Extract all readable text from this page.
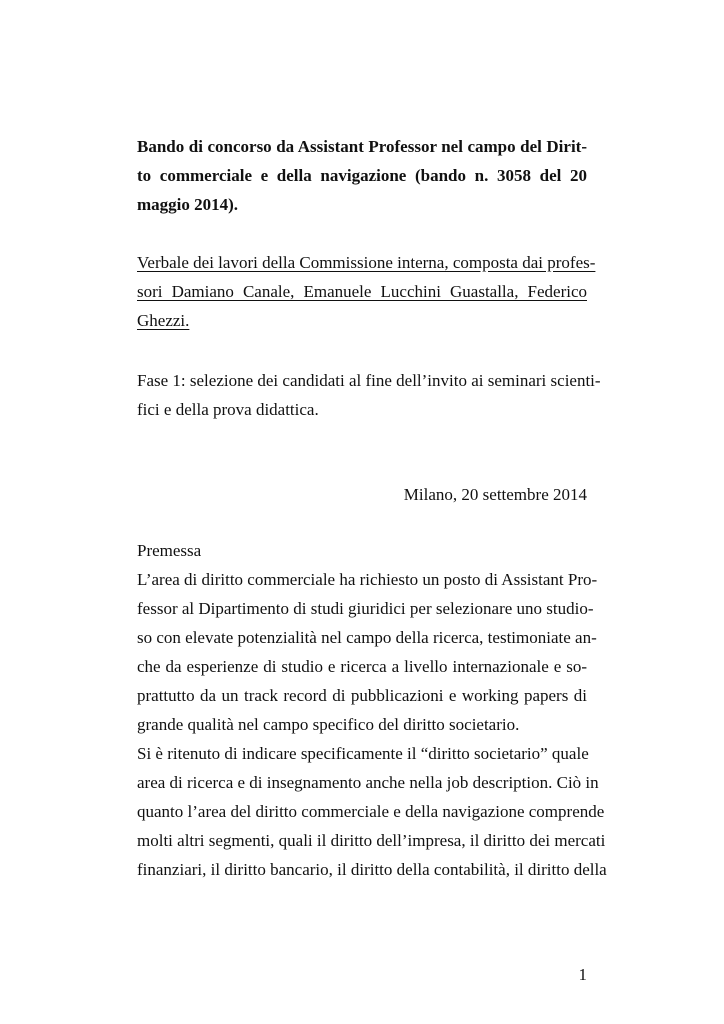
Bando di concorso da Assistant Professor nel campo del Dirit-
to commerciale e della navigazione (bando n. 3058 del 20
maggio 2014).
Verbale dei lavori della Commissione interna, composta dai profes-
sori Damiano Canale, Emanuele Lucchini Guastalla, Federico
Ghezzi.
Fase 1: selezione dei candidati al fine dell’invito ai seminari scienti-
fici e della prova didattica.
Milano, 20 settembre 2014
Premessa
L’area di diritto commerciale ha richiesto un posto di Assistant Pro-
fessor al Dipartimento di studi giuridici per selezionare uno studio-
so con elevate potenzialità nel campo della ricerca, testimoniate an-
che da esperienze di studio e ricerca a livello internazionale e so-
prattutto da un track record di pubblicazioni e working papers di
grande qualità nel campo specifico del diritto societario.
Si è ritenuto di indicare specificamente il “diritto societario” quale
area di ricerca e di insegnamento anche nella job description. Ciò in
quanto l’area del diritto commerciale e della navigazione comprende
molti altri segmenti, quali il diritto dell’impresa, il diritto dei mercati
finanziari, il diritto bancario, il diritto della contabilità, il diritto della
1
